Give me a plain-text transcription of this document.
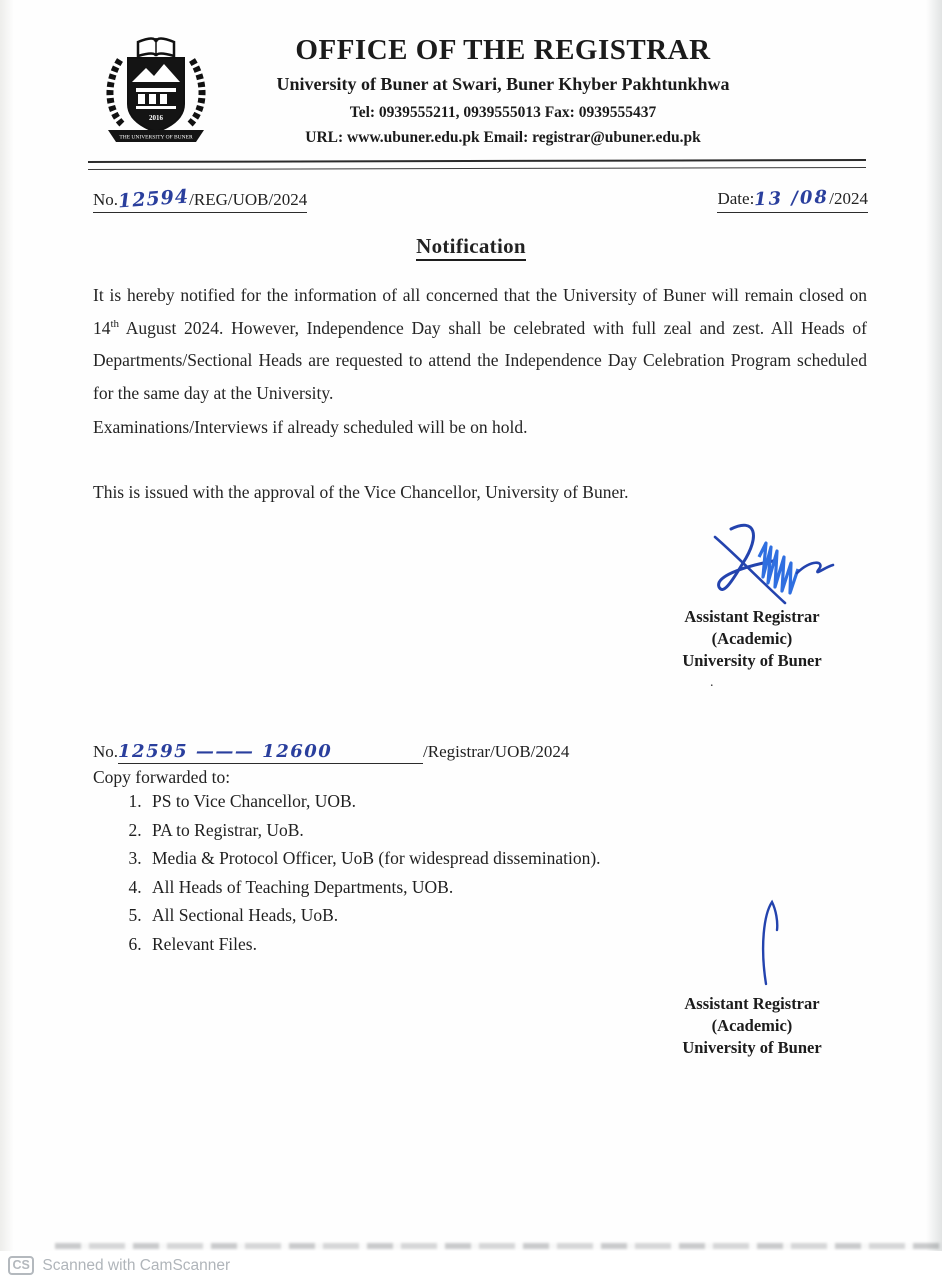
2016
THE UNIVERSITY OF BUNER
OFFICE OF THE REGISTRAR
University of Buner at Swari, Buner Khyber Pakhtunkhwa
Tel: 0939555211, 0939555013 Fax: 0939555437
URL: www.ubuner.edu.pk Email: registrar@ubuner.edu.pk
No.12594/REG/UOB/2024	Date:13 /08/2024
Notification

It is hereby notified for the information of all concerned that the University of Buner will remain closed on 14th August 2024. However, Independence Day shall be celebrated with full zeal and zest. All Heads of Departments/Sectional Heads are requested to attend the Independence Day Celebration Program scheduled for the same day at the University.

Examinations/Interviews if already scheduled will be on hold.

This is issued with the approval of the Vice Chancellor, University of Buner.

Assistant Registrar
(Academic)
University of Buner
.
No.12595 ——— 12600	/Registrar/UOB/2024
Copy forwarded to:
1. PS to Vice Chancellor, UOB.
2. PA to Registrar, UoB.
3. Media & Protocol Officer, UoB (for widespread dissemination).
4. All Heads of Teaching Departments, UOB.
5. All Sectional Heads, UoB.
6. Relevant Files.
Assistant Registrar
(Academic)
University of Buner
CS Scanned with CamScanner
